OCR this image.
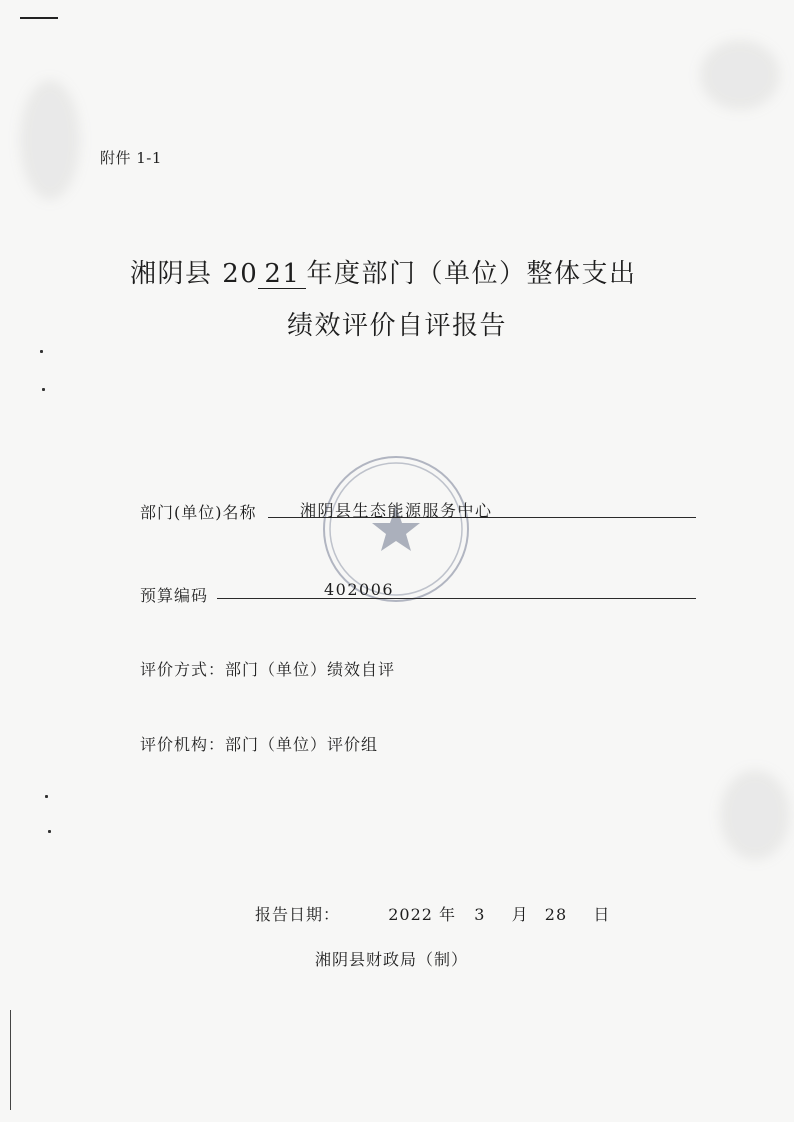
附件 1-1
湘阴县 20 21 年度部门（单位）整体支出
绩效评价自评报告
部门(单位)名称	湘阴县生态能源服务中心
预算编码	402006
评价方式：部门（单位）绩效自评
评价机构：部门（单位）评价组
报告日期：	2022 年 3 月 28 日
湘阴县财政局（制）
